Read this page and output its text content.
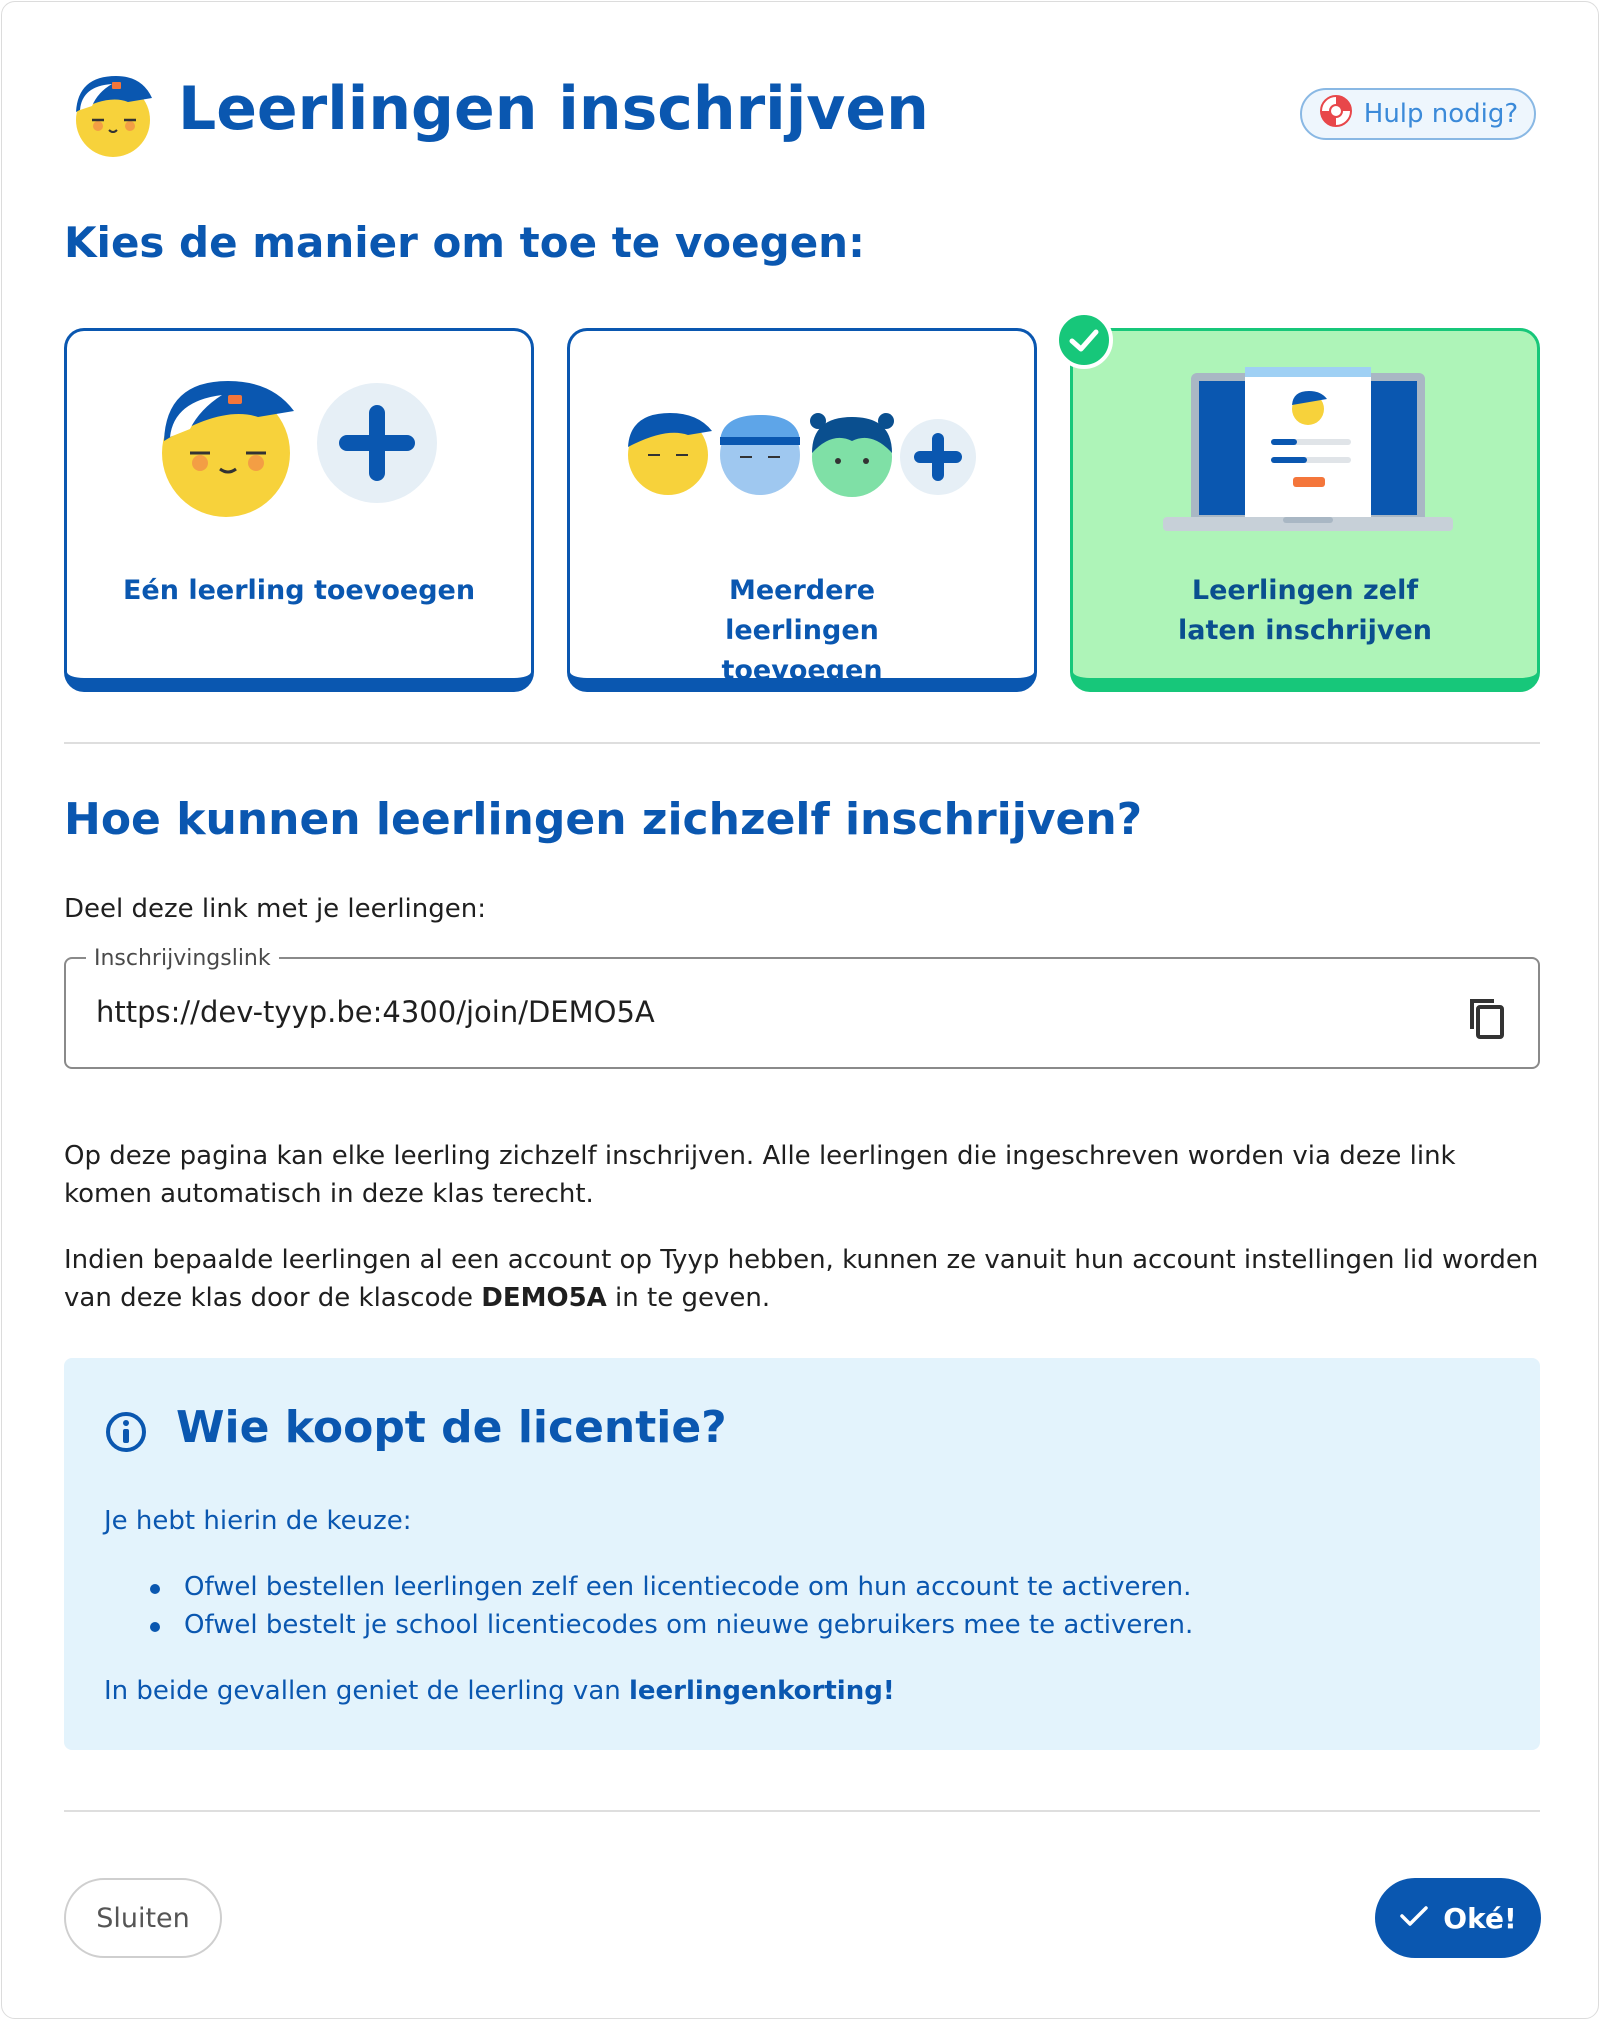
Leerlingen inschrijven	Hulp nodig?
Kies de manier om toe te voegen:
Eén leerling toevoegen	Meerdere leerlingen toevoegen
Leerlingen zelf laten inschrijven
Hoe kunnen leerlingen zichzelf inschrijven?

Deel deze link met je leerlingen:

https://dev-tyyp.be:4300/join/DEMO5A
Inschrijvingslink

Op deze pagina kan elke leerling zichzelf inschrijven. Alle leerlingen die ingeschreven worden via deze link komen automatisch in deze klas terecht.

Indien bepaalde leerlingen al een account op Tyyp hebben, kunnen ze vanuit hun account instellingen lid worden van deze klas door de klascode DEMO5A in te geven.

Wie koopt de licentie?

Je hebt hierin de keuze:

Ofwel bestellen leerlingen zelf een licentiecode om hun account te activeren.

Ofwel bestelt je school licentiecodes om nieuwe gebruikers mee te activeren.

In beide gevallen geniet de leerling van leerlingenkorting!

Sluiten	Oké!
